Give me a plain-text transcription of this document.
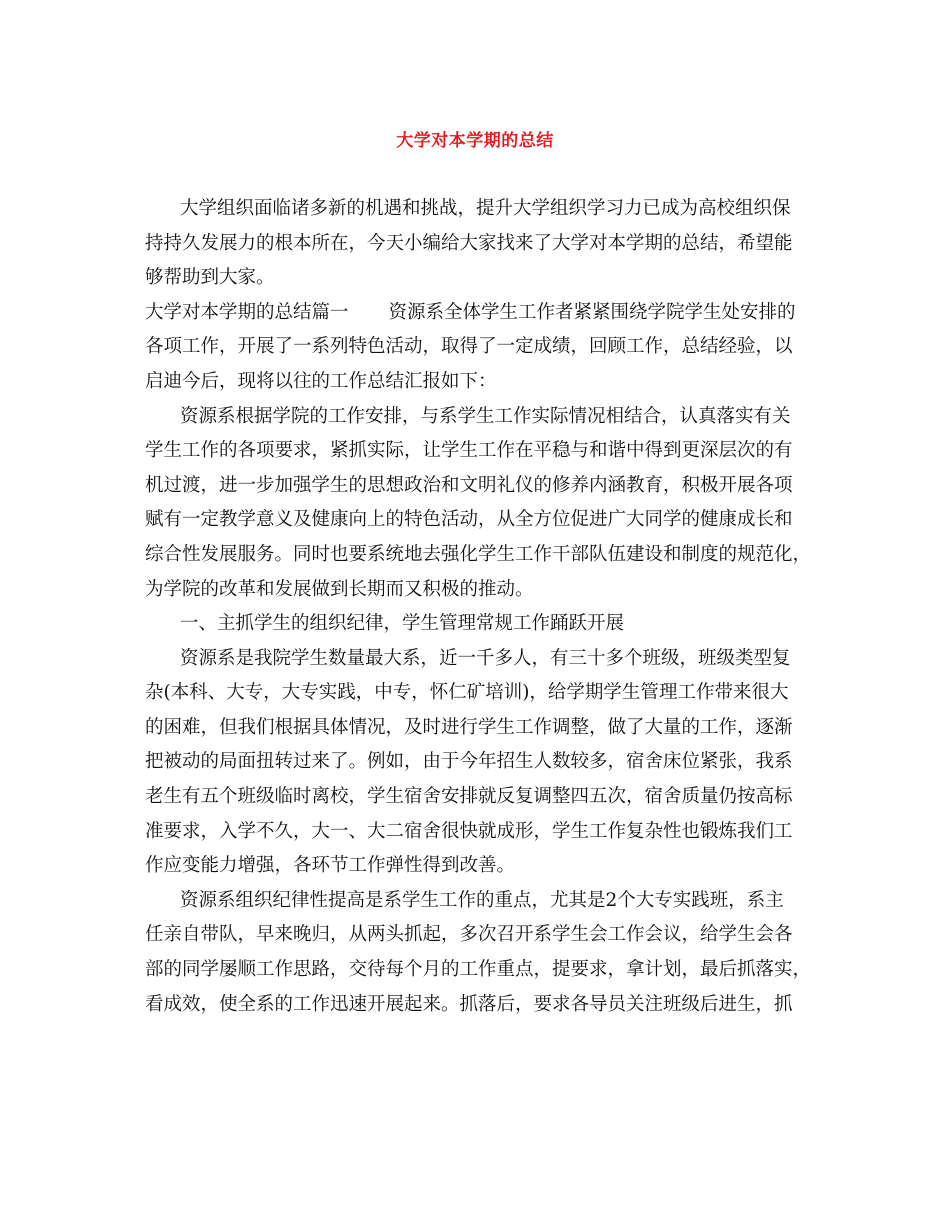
大学对本学期的总结
大学组织面临诸多新的机遇和挑战，提升大学组织学习力已成为高校组织保
持持久发展力的根本所在，今天小编给大家找来了大学对本学期的总结，希望能
够帮助到大家。
大学对本学期的总结篇一 资源系全体学生工作者紧紧围绕学院学生处安排的
各项工作，开展了一系列特色活动，取得了一定成绩，回顾工作，总结经验，以
启迪今后，现将以往的工作总结汇报如下：
资源系根据学院的工作安排，与系学生工作实际情况相结合，认真落实有关
学生工作的各项要求，紧抓实际，让学生工作在平稳与和谐中得到更深层次的有
机过渡，进一步加强学生的思想政治和文明礼仪的修养内涵教育，积极开展各项
赋有一定教学意义及健康向上的特色活动，从全方位促进广大同学的健康成长和
综合性发展服务。同时也要系统地去强化学生工作干部队伍建设和制度的规范化，
为学院的改革和发展做到长期而又积极的推动。
一、主抓学生的组织纪律，学生管理常规工作踊跃开展
资源系是我院学生数量最大系，近一千多人，有三十多个班级，班级类型复
杂(本科、大专，大专实践，中专，怀仁矿培训)，给学期学生管理工作带来很大
的困难，但我们根据具体情况，及时进行学生工作调整，做了大量的工作，逐渐
把被动的局面扭转过来了。例如，由于今年招生人数较多，宿舍床位紧张，我系
老生有五个班级临时离校，学生宿舍安排就反复调整四五次，宿舍质量仍按高标
准要求，入学不久，大一、大二宿舍很快就成形，学生工作复杂性也锻炼我们工
作应变能力增强，各环节工作弹性得到改善。
资源系组织纪律性提高是系学生工作的重点，尤其是2个大专实践班，系主
任亲自带队，早来晚归，从两头抓起，多次召开系学生会工作会议，给学生会各
部的同学屡顺工作思路，交待每个月的工作重点，提要求，拿计划，最后抓落实，
看成效，使全系的工作迅速开展起来。抓落后，要求各导员关注班级后进生，抓
